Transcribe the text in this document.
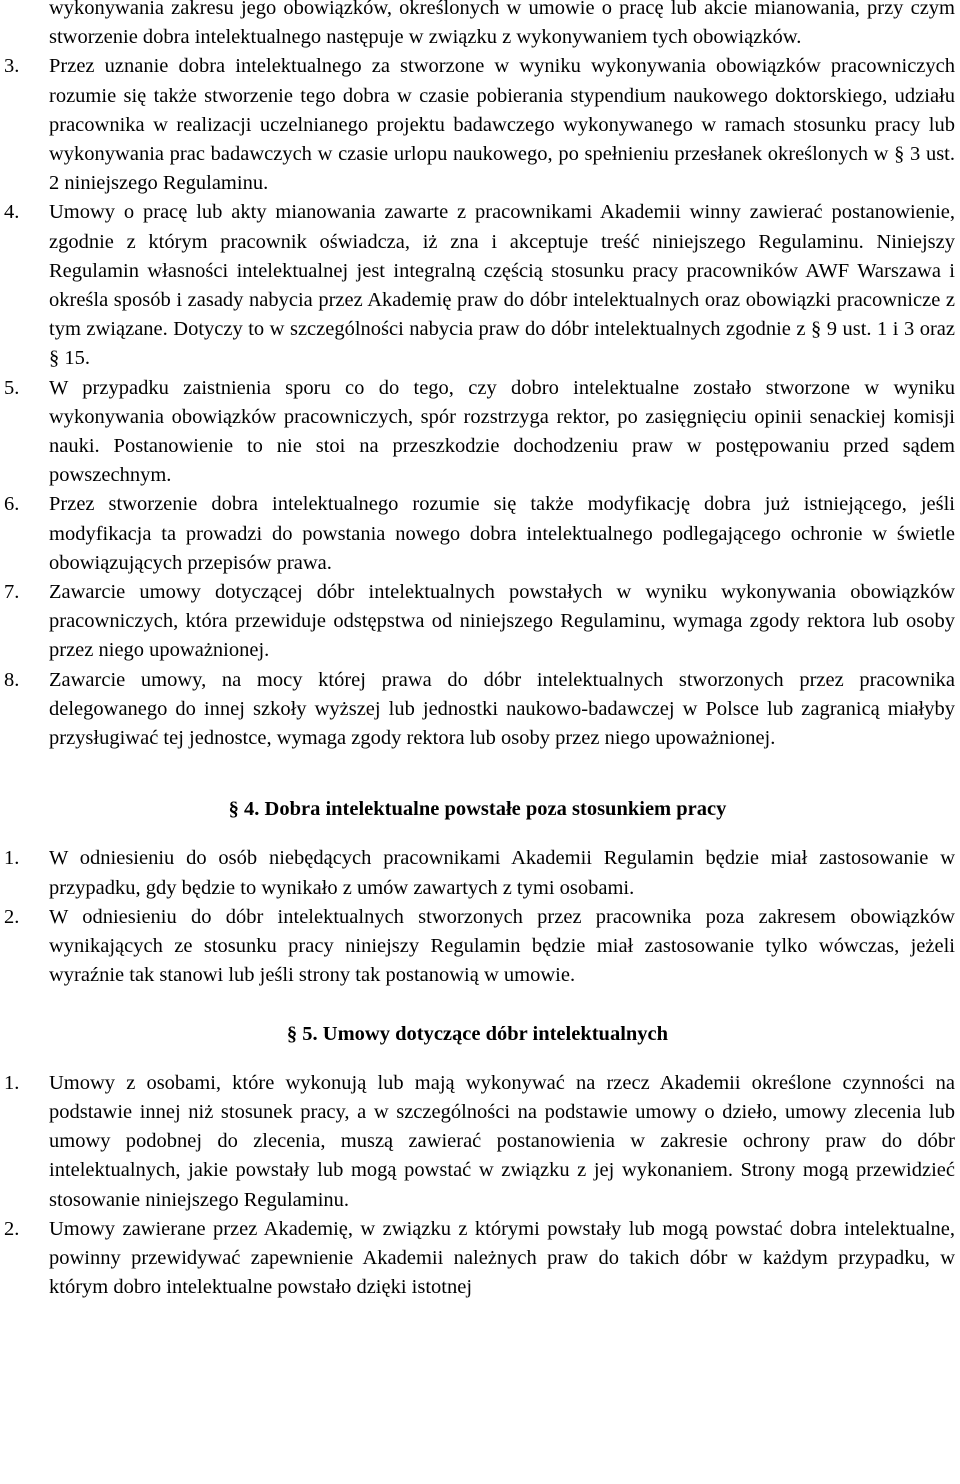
wykonywania zakresu jego obowiązków, określonych w umowie o pracę lub akcie mianowania, przy czym stworzenie dobra intelektualnego następuje w związku z wykonywaniem tych obowiązków.

3. Przez uznanie dobra intelektualnego za stworzone w wyniku wykonywania obowiązków pracowniczych rozumie się także stworzenie tego dobra w czasie pobierania stypendium naukowego doktorskiego, udziału pracownika w realizacji uczelnianego projektu badawczego wykonywanego w ramach stosunku pracy lub wykonywania prac badawczych w czasie urlopu naukowego, po spełnieniu przesłanek określonych w § 3 ust. 2 niniejszego Regulaminu.
4. Umowy o pracę lub akty mianowania zawarte z pracownikami Akademii winny zawierać postanowienie, zgodnie z którym pracownik oświadcza, iż zna i akceptuje treść niniejszego Regulaminu. Niniejszy Regulamin własności intelektualnej jest integralną częścią stosunku pracy pracowników AWF Warszawa i określa sposób i zasady nabycia przez Akademię praw do dóbr intelektualnych oraz obowiązki pracownicze z tym związane. Dotyczy to w szczególności nabycia praw do dóbr intelektualnych zgodnie z § 9 ust. 1 i 3 oraz § 15.
5. W przypadku zaistnienia sporu co do tego, czy dobro intelektualne zostało stworzone w wyniku wykonywania obowiązków pracowniczych, spór rozstrzyga rektor, po zasięgnięciu opinii senackiej komisji nauki. Postanowienie to nie stoi na przeszkodzie dochodzeniu praw w postępowaniu przed sądem powszechnym.
6. Przez stworzenie dobra intelektualnego rozumie się także modyfikację dobra już istniejącego, jeśli modyfikacja ta prowadzi do powstania nowego dobra intelektualnego podlegającego ochronie w świetle obowiązujących przepisów prawa.
7. Zawarcie umowy dotyczącej dóbr intelektualnych powstałych w wyniku wykonywania obowiązków pracowniczych, która przewiduje odstępstwa od niniejszego Regulaminu, wymaga zgody rektora lub osoby przez niego upoważnionej.
8. Zawarcie umowy, na mocy której prawa do dóbr intelektualnych stworzonych przez pracownika delegowanego do innej szkoły wyższej lub jednostki naukowo-badawczej w Polsce lub zagranicą miałyby przysługiwać tej jednostce, wymaga zgody rektora lub osoby przez niego upoważnionej.

§ 4. Dobra intelektualne powstałe poza stosunkiem pracy

1. W odniesieniu do osób niebędących pracownikami Akademii Regulamin będzie miał zastosowanie w przypadku, gdy będzie to wynikało z umów zawartych z tymi osobami.
2. W odniesieniu do dóbr intelektualnych stworzonych przez pracownika poza zakresem obowiązków wynikających ze stosunku pracy niniejszy Regulamin będzie miał zastosowanie tylko wówczas, jeżeli wyraźnie tak stanowi lub jeśli strony tak postanowią w umowie.

§ 5. Umowy dotyczące dóbr intelektualnych

1. Umowy z osobami, które wykonują lub mają wykonywać na rzecz Akademii określone czynności na podstawie innej niż stosunek pracy, a w szczególności na podstawie umowy o dzieło, umowy zlecenia lub umowy podobnej do zlecenia, muszą zawierać postanowienia w zakresie ochrony praw do dóbr intelektualnych, jakie powstały lub mogą powstać w związku z jej wykonaniem. Strony mogą przewidzieć stosowanie niniejszego Regulaminu.
2. Umowy zawierane przez Akademię, w związku z którymi powstały lub mogą powstać dobra intelektualne, powinny przewidywać zapewnienie Akademii należnych praw do takich dóbr w każdym przypadku, w którym dobro intelektualne powstało dzięki istotnej
